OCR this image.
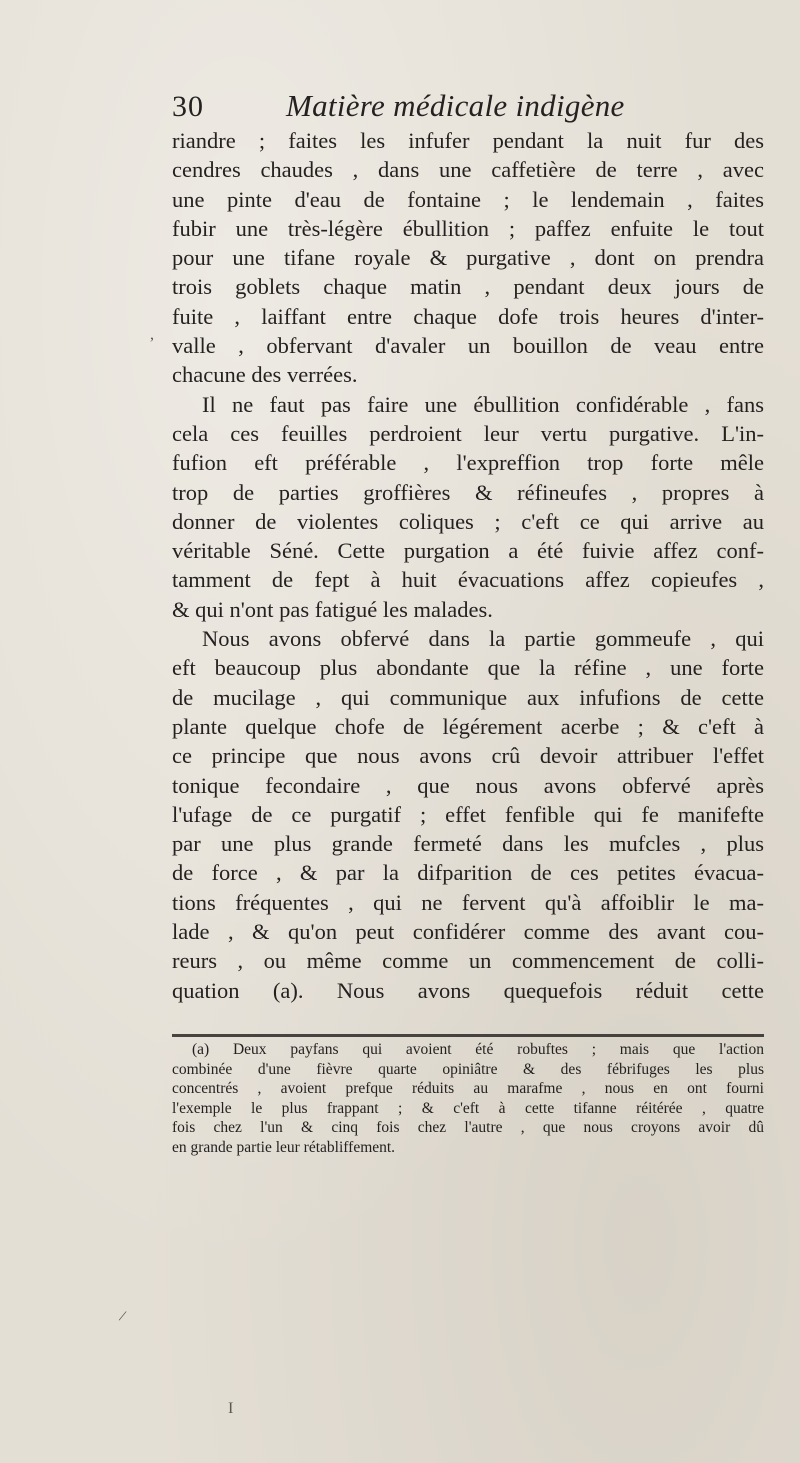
30	Matière médicale indigène
riandre ; faites les infufer pendant la nuit fur des
cendres chaudes , dans une caffetière de terre , avec
une pinte d'eau de fontaine ; le lendemain , faites
fubir une très-légère ébullition ; paffez enfuite le tout
pour une tifane royale & purgative , dont on prendra
trois goblets chaque matin , pendant deux jours de
fuite , laiffant entre chaque dofe trois heures d'inter-
valle , obfervant d'avaler un bouillon de veau entre
chacune des verrées.
Il ne faut pas faire une ébullition confidérable , fans
cela ces feuilles perdroient leur vertu purgative. L'in-
fufion eft préférable , l'expreffion trop forte mêle
trop de parties groffières & réfineufes , propres à
donner de violentes coliques ; c'eft ce qui arrive au
véritable Séné. Cette purgation a été fuivie affez conf-
tamment de fept à huit évacuations affez copieufes ,
& qui n'ont pas fatigué les malades.
Nous avons obfervé dans la partie gommeufe , qui
eft beaucoup plus abondante que la réfine , une forte
de mucilage , qui communique aux infufions de cette
plante quelque chofe de légérement acerbe ; & c'eft à
ce principe que nous avons crû devoir attribuer l'effet
tonique fecondaire , que nous avons obfervé après
l'ufage de ce purgatif ; effet fenfible qui fe manifefte
par une plus grande fermeté dans les mufcles , plus
de force , & par la difparition de ces petites évacua-
tions fréquentes , qui ne fervent qu'à affoiblir le ma-
lade , & qu'on peut confidérer comme des avant cou-
reurs , ou même comme un commencement de colli-
quation (a). Nous avons quequefois réduit cette
(a) Deux payfans qui avoient été robuftes ; mais que l'action
combinée d'une fièvre quarte opiniâtre & des fébrifuges les plus
concentrés , avoient prefque réduits au marafme , nous en ont fourni
l'exemple le plus frappant ; & c'eft à cette tifanne réitérée , quatre
fois chez l'un & cinq fois chez l'autre , que nous croyons avoir dû
en grande partie leur rétabliffement.
,
/
I
